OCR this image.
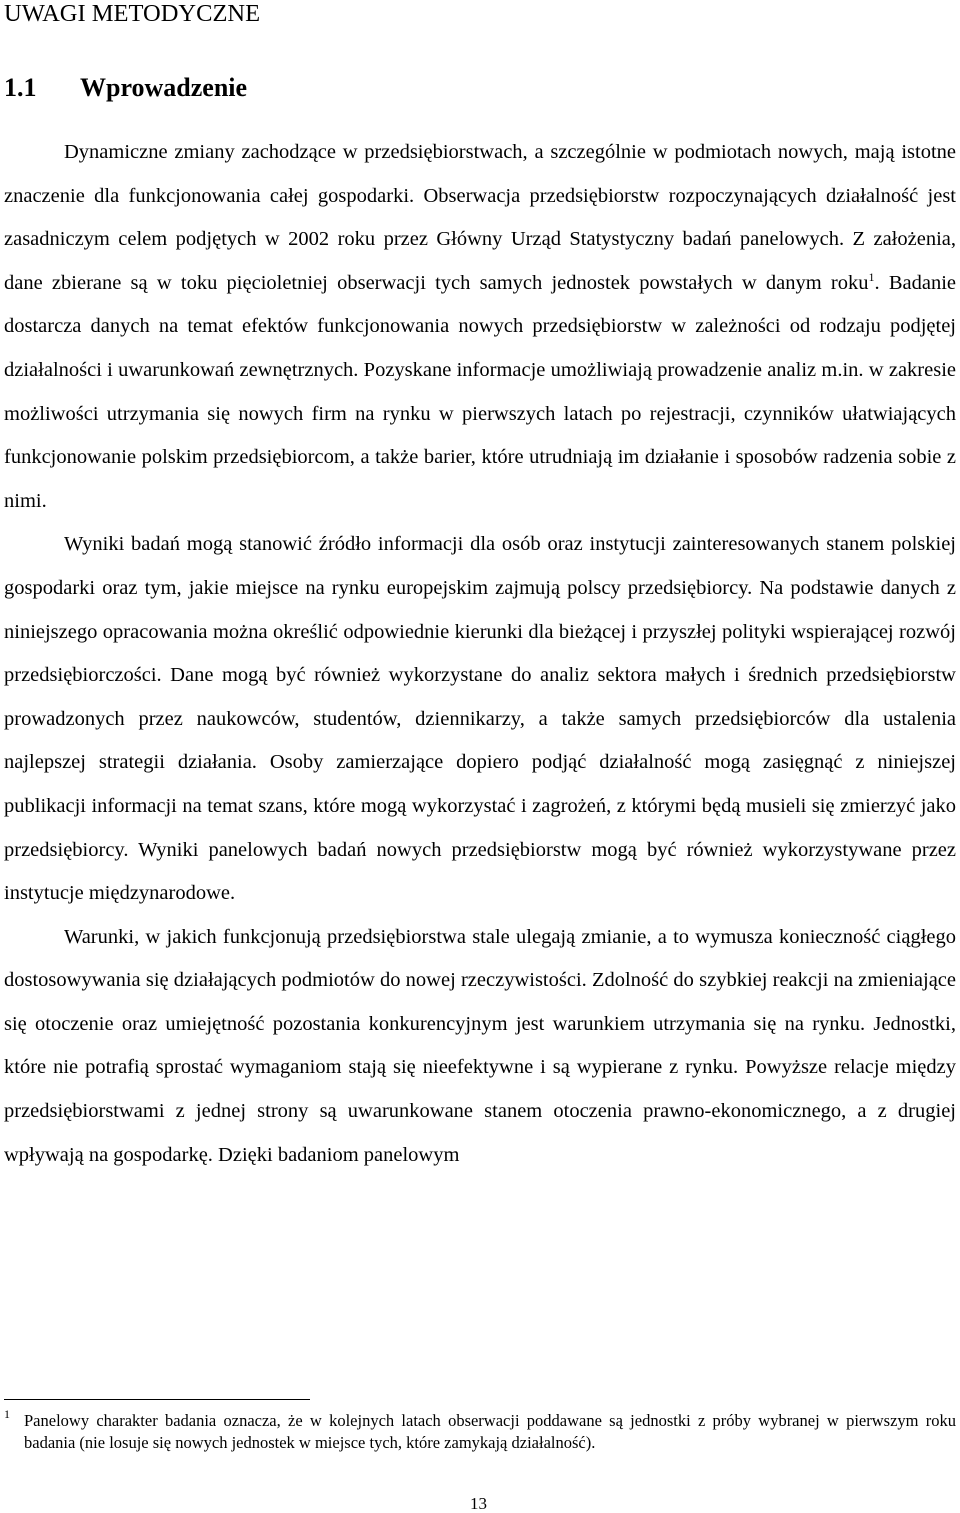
UWAGI METODYCZNE
1.1 Wprowadzenie

Dynamiczne zmiany zachodzące w przedsiębiorstwach, a szczególnie w podmiotach nowych, mają istotne znaczenie dla funkcjonowania całej gospodarki. Obserwacja przedsiębiorstw rozpoczynających działalność jest zasadniczym celem podjętych w 2002 roku przez Główny Urząd Statystyczny badań panelowych. Z założenia, dane zbierane są w toku pięcioletniej obserwacji tych samych jednostek powstałych w danym roku$^1$. Badanie dostarcza danych na temat efektów funkcjonowania nowych przedsiębiorstw w zależności od rodzaju podjętej działalności i uwarunkowań zewnętrznych. Pozyskane informacje umożliwiają prowadzenie analiz m.in. w zakresie możliwości utrzymania się nowych firm na rynku w pierwszych latach po rejestracji, czynników ułatwiających funkcjonowanie polskim przedsiębiorcom, a także barier, które utrudniają im działanie i sposobów radzenia sobie z nimi.

Wyniki badań mogą stanowić źródło informacji dla osób oraz instytucji zainteresowanych stanem polskiej gospodarki oraz tym, jakie miejsce na rynku europejskim zajmują polscy przedsiębiorcy. Na podstawie danych z niniejszego opracowania można określić odpowiednie kierunki dla bieżącej i przyszłej polityki wspierającej rozwój przedsiębiorczości. Dane mogą być również wykorzystane do analiz sektora małych i średnich przedsiębiorstw prowadzonych przez naukowców, studentów, dziennikarzy, a także samych przedsiębiorców dla ustalenia najlepszej strategii działania. Osoby zamierzające dopiero podjąć działalność mogą zasięgnąć z niniejszej publikacji informacji na temat szans, które mogą wykorzystać i zagrożeń, z którymi będą musieli się zmierzyć jako przedsiębiorcy. Wyniki panelowych badań nowych przedsiębiorstw mogą być również wykorzystywane przez instytucje międzynarodowe.

Warunki, w jakich funkcjonują przedsiębiorstwa stale ulegają zmianie, a to wymusza konieczność ciągłego dostosowywania się działających podmiotów do nowej rzeczywistości. Zdolność do szybkiej reakcji na zmieniające się otoczenie oraz umiejętność pozostania konkurencyjnym jest warunkiem utrzymania się na rynku. Jednostki, które nie potrafią sprostać wymaganiom stają się nieefektywne i są wypierane z rynku. Powyższe relacje między przedsiębiorstwami z jednej strony są uwarunkowane stanem otoczenia prawno-ekonomicznego, a z drugiej wpływają na gospodarkę. Dzięki badaniom panelowym

1 Panelowy charakter badania oznacza, że w kolejnych latach obserwacji poddawane są jednostki z próby wybranej w pierwszym roku badania (nie losuje się nowych jednostek w miejsce tych, które zamykają działalność).
13
